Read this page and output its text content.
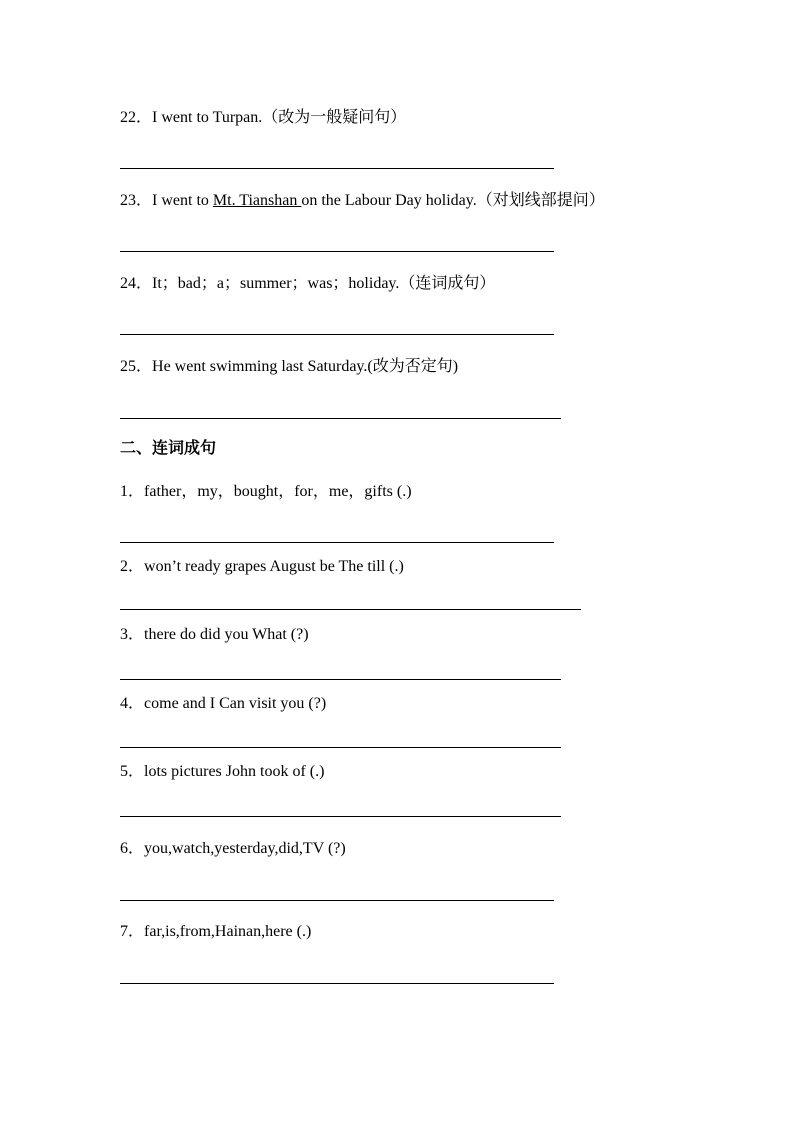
22．I went to Turpan.（改为一般疑问句）
23．I went to Mt. Tianshan on the Labour Day holiday.（对划线部提问）
24．It；bad；a；summer；was；holiday.（连词成句）
25．He went swimming last Saturday.(改为否定句)
二、连词成句
1．father，my，bought，for，me，gifts (.)
2．won’t ready grapes August be The till (.)
3．there do did you What (?)
4．come and I Can visit you (?)
5．lots pictures John took of (.)
6．you,watch,yesterday,did,TV (?)
7．far,is,from,Hainan,here (.)
